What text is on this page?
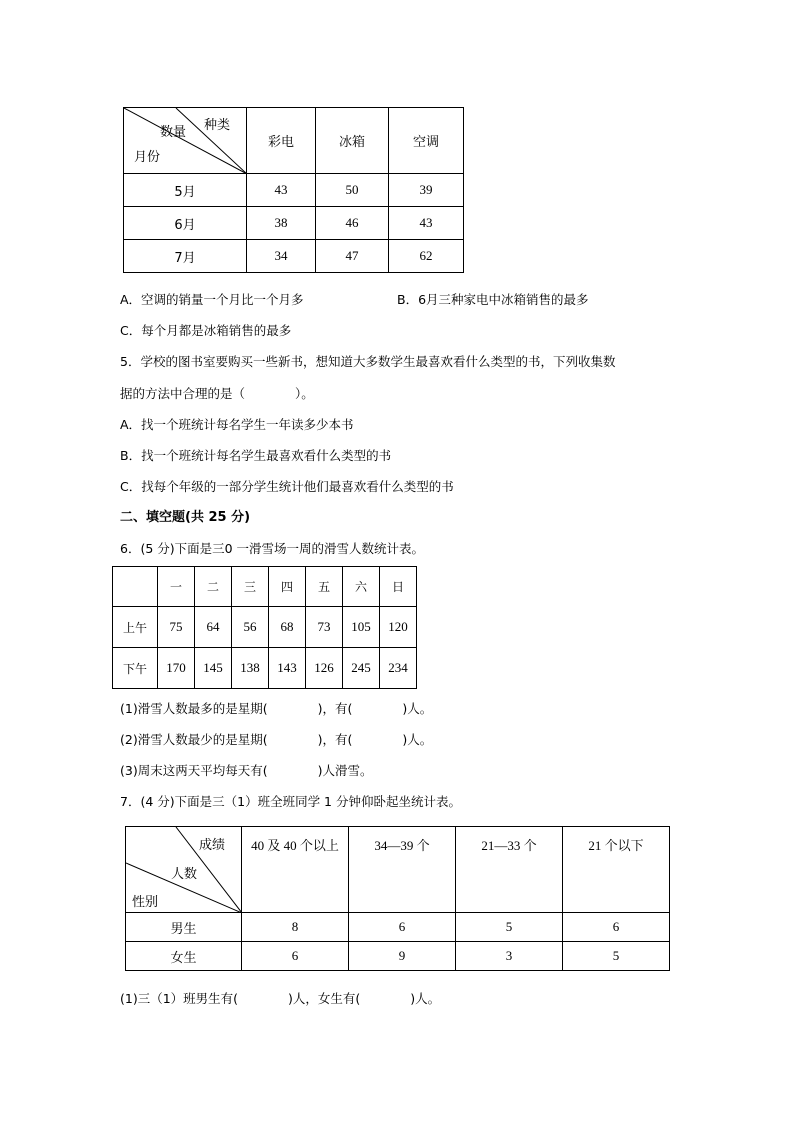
种类
数量
月份	彩电	冰箱	空调
5月	43	50	39
6月	38	46	43
7月	34	47	62
A．空调的销量一个月比一个月多	B．6月三种家电中冰箱销售的最多
C．每个月都是冰箱销售的最多
5．学校的图书室要购买一些新书，想知道大多数学生最喜欢看什么类型的书，下列收集数
据的方法中合理的是（　　　　）。
A．找一个班统计每名学生一年读多少本书
B．找一个班统计每名学生最喜欢看什么类型的书
C．找每个年级的一部分学生统计他们最喜欢看什么类型的书
二、填空题(共 25 分)
6．(5 分)下面是三0 一滑雪场一周的滑雪人数统计表。
	一	二	三	四	五	六	日
上午	75	64	56	68	73	105	120
下午	170	145	138	143	126	245	234
(1)滑雪人数最多的是星期(　　　　)，有(　　　　)人。
(2)滑雪人数最少的是星期(　　　　)，有(　　　　)人。
(3)周末这两天平均每天有(　　　　)人滑雪。
7．(4 分)下面是三（1）班全班同学 1 分钟仰卧起坐统计表。
成绩
人数
性别	40 及 40 个以上	34—39 个	21—33 个	21 个以下

男生	8	6	5	6
女生	6	9	3	5
(1)三（1）班男生有(　　　　)人，女生有(　　　　)人。
